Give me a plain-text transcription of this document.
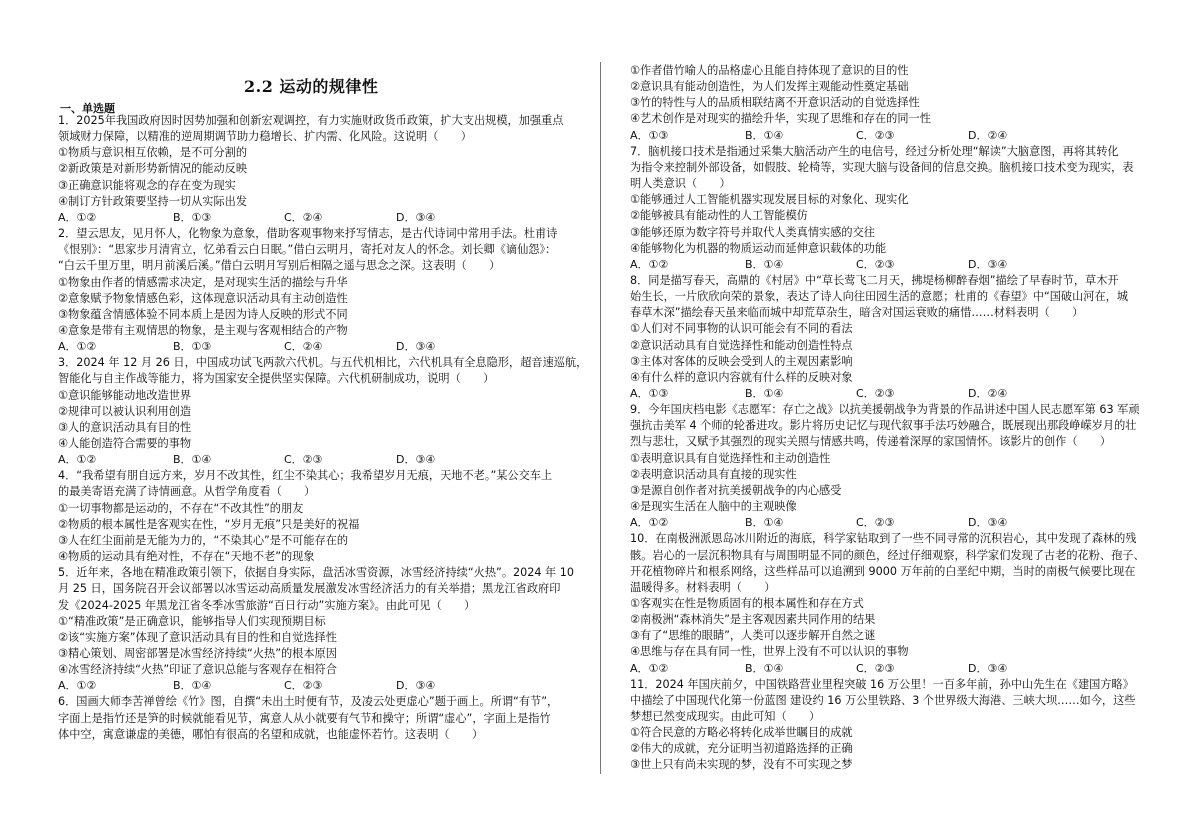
2.2 运动的规律性
一、单选题
1．2025年我国政府因时因势加强和创新宏观调控，有力实施财政货币政策，扩大支出规模，加强重点
领域财力保障，以精准的逆周期调节助力稳增长、扩内需、化风险。这说明（　　）
①物质与意识相互依赖，是不可分割的
②新政策是对新形势新情况的能动反映
③正确意识能将观念的存在变为现实
④制订方针政策要坚持一切从实际出发
A．①②	B．①③	C．②④	D．③④
2．望云思友，见月怀人，化物象为意象，借助客观事物来抒写情志，是古代诗词中常用手法。杜甫诗
《恨别》：“思家步月清宵立，忆弟看云白日眠。”借白云明月，寄托对友人的怀念。刘长卿《谪仙怨》：
“白云千里万里，明月前溪后溪。”借白云明月写别后相隔之遥与思念之深。这表明（　　）
①物象由作者的情感需求决定，是对现实生活的描绘与升华
②意象赋予物象情感色彩，这体现意识活动具有主动创造性
③物象蕴含情感体验不同本质上是因为诗人反映的形式不同
④意象是带有主观情思的物象，是主观与客观相结合的产物
A．①②	B．①③	C．②④	D．③④
3．2024 年 12 月 26 日，中国成功试飞两款六代机。与五代机相比，六代机具有全息隐形，超音速巡航，
智能化与自主作战等能力，将为国家安全提供坚实保障。六代机研制成功，说明（　　）
①意识能够能动地改造世界
②规律可以被认识利用创造
③人的意识活动具有目的性
④人能创造符合需要的事物
A．①②	B．①④	C．②③	D．③④
4．“我希望有朋自远方来，岁月不改其性，红尘不染其心；我希望岁月无痕，天地不老。”某公交车上
的最美寄语充满了诗情画意。从哲学角度看（　　）
①一切事物都是运动的，不存在“不改其性”的朋友
②物质的根本属性是客观实在性，“岁月无痕”只是美好的祝福
③人在红尘面前是无能为力的，“不染其心”是不可能存在的
④物质的运动具有绝对性，不存在“天地不老”的现象
5．近年来，各地在精准政策引领下，依据自身实际，盘活冰雪资源，冰雪经济持续“火热”。2024 年 10
月 25 日，国务院召开会议部署以冰雪运动高质量发展激发冰雪经济活力的有关举措；黑龙江省政府印
发《2024-2025 年黑龙江省冬季冰雪旅游“百日行动”实施方案》。由此可见（　　）
①“精准政策”是正确意识，能够指导人们实现预期目标
②该“实施方案”体现了意识活动具有目的性和自觉选择性
③精心策划、周密部署是冰雪经济持续“火热”的根本原因
④冰雪经济持续“火热”印证了意识总能与客观存在相符合
A．①②	B．①④	C．②③	D．③④
6．国画大师李苦禅曾绘《竹》图，自撰“未出土时便有节，及凌云处更虚心”题于画上。所谓“有节”，
字面上是指竹还是笋的时候就能看见节，寓意人从小就要有气节和操守；所谓“虚心”，字面上是指竹
体中空，寓意谦虚的美德，哪怕有很高的名望和成就，也能虚怀若竹。这表明（　　）
①作者借竹喻人的品格虚心且能自持体现了意识的目的性
②意识具有能动创造性，为人们发挥主观能动性奠定基础
③竹的特性与人的品质相联结离不开意识活动的自觉选择性
④艺术创作是对现实的描绘升华，实现了思维和存在的同一性
A．①③	B．①④	C．②③	D．②④
7．脑机接口技术是指通过采集大脑活动产生的电信号，经过分析处理“解读”大脑意图，再将其转化
为指令来控制外部设备，如假肢、轮椅等，实现大脑与设备间的信息交换。脑机接口技术变为现实，表
明人类意识（　　）
①能够通过人工智能机器实现发展目标的对象化、现实化
②能够被具有能动性的人工智能模仿
③能够还原为数字符号并取代人类真情实感的交往
④能够物化为机器的物质运动而延伸意识载体的功能
A．①②	B．①④	C．②③	D．③④
8．同是描写春天，高鼎的《村居》中“草长莺飞二月天，拂堤杨柳醉春烟”描绘了早春时节，草木开
始生长，一片欣欣向荣的景象，表达了诗人向往田园生活的意愿；杜甫的《春望》中“国破山河在，城
春草木深”描绘春天虽来临而城中却荒草杂生，暗含对国运衰败的痛惜……材料表明（　　）
①人们对不同事物的认识可能会有不同的看法
②意识活动具有自觉选择性和能动创造性特点
③主体对客体的反映会受到人的主观因素影响
④有什么样的意识内容就有什么样的反映对象
A．①③	B．①④	C．②③	D．②④
9．今年国庆档电影《志愿军：存亡之战》以抗美援朝战争为背景的作品讲述中国人民志愿军第 63 军顽
强抗击美军 4 个师的轮番进攻。影片将历史记忆与现代叙事手法巧妙融合，既展现出那段峥嵘岁月的壮
烈与悲壮，又赋予其强烈的现实关照与情感共鸣，传递着深厚的家国情怀。该影片的创作（　　）
①表明意识具有自觉选择性和主动创造性
②表明意识活动具有直接的现实性
③是源自创作者对抗美援朝战争的内心感受
④是现实生活在人脑中的主观映像
A．①②	B．①④	C．②③	D．③④
10．在南极洲派恩岛冰川附近的海底，科学家钻取到了一些不同寻常的沉积岩心，其中发现了森林的残
骸。岩心的一层沉积物具有与周围明显不同的颜色，经过仔细观察，科学家们发现了古老的花粉、孢子、
开花植物碎片和根系网络，这些样品可以追溯到 9000 万年前的白垩纪中期，当时的南极气候要比现在
温暖得多。材料表明（　　）
①客观实在性是物质固有的根本属性和存在方式
②南极洲“森林消失”是主客观因素共同作用的结果
③有了“思维的眼睛”，人类可以逐步解开自然之谜
④思维与存在具有同一性，世界上没有不可以认识的事物
A．①②	B．①④	C．②③	D．③④
11．2024 年国庆前夕，中国铁路营业里程突破 16 万公里！一百多年前，孙中山先生在《建国方略》
中描绘了中国现代化第一份蓝图 建设约 16 万公里铁路、3 个世界级大海港、三峡大坝……如今，这些
梦想已然变成现实。由此可知（　　）
①符合民意的方略必将转化成举世瞩目的成就
②伟大的成就，充分证明当初道路选择的正确
③世上只有尚未实现的梦，没有不可实现之梦
